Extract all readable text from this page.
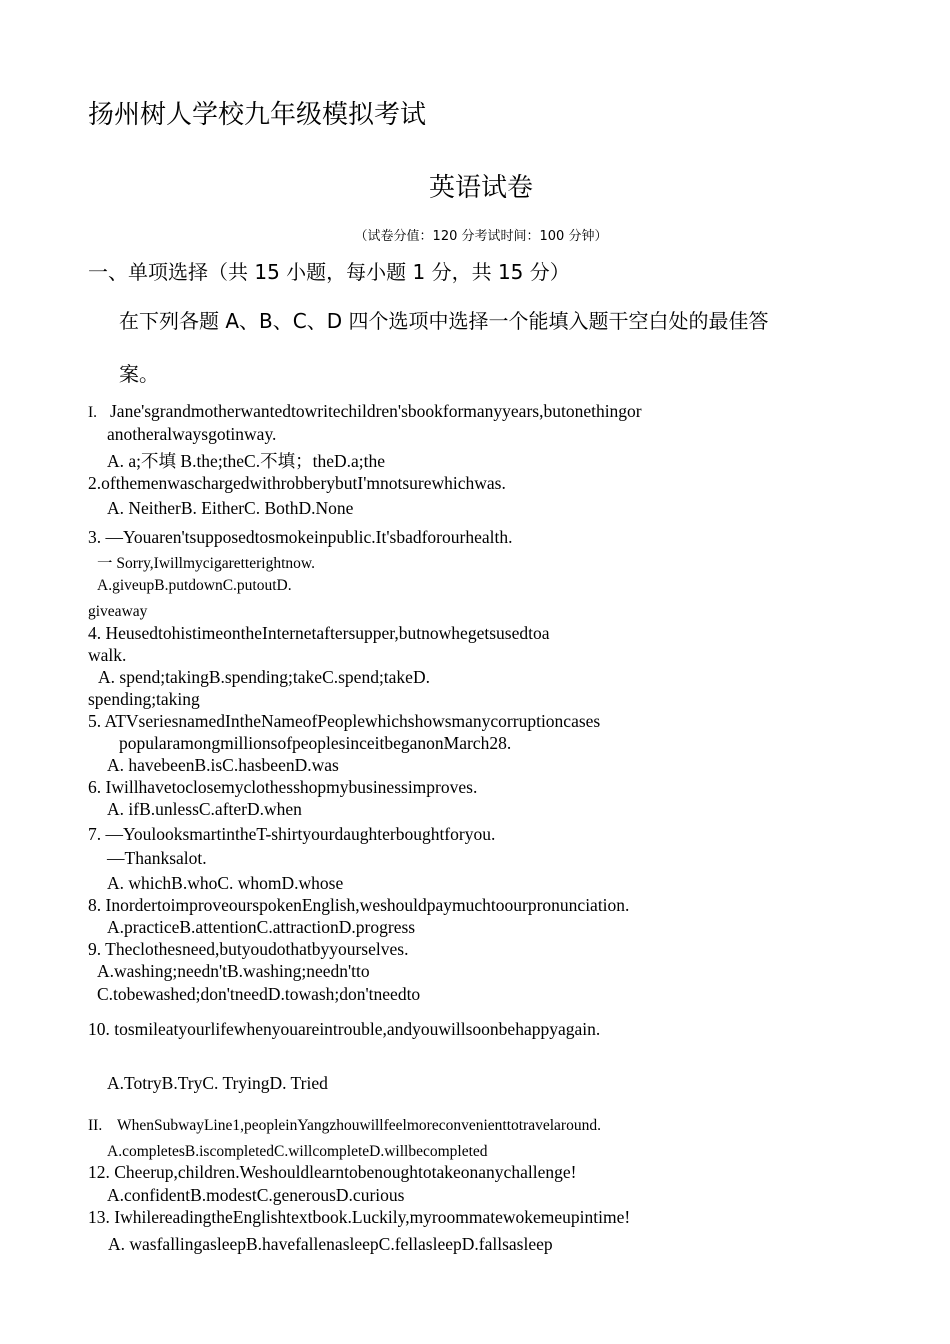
扬州树人学校九年级模拟考试
英语试卷
（试卷分值：120 分考试时间：100 分钟）
一、单项选择（共 15 小题，每小题 1 分，共 15 分）
在下列各题 A、B、C、D 四个选项中选择一个能填入题干空白处的最佳答
案。
I. Jane'sgrandmotherwantedtowritechildren'sbookformanyyears,butonethingor
anotheralwaysgotinway.
A. a;不填 B.the;theC.不填；theD.a;the
2.ofthemenwaschargedwithrobberybutI'mnotsurewhichwas.
A. NeitherB. EitherC. BothD.None
3. —Youaren'tsupposedtosmokeinpublic.It'sbadforourhealth.
一 Sorry,Iwillmycigaretterightnow.
A.giveupB.putdownC.putoutD.
giveaway
4. HeusedtohistimeontheInternetaftersupper,butnowhegetsusedtoa
walk.
A. spend;takingB.spending;takeC.spend;takeD.
spending;taking
5. ATVseriesnamedIntheNameofPeoplewhichshowsmanycorruptioncases
popularamongmillionsofpeoplesinceitbeganonMarch28.
A. havebeenB.isC.hasbeenD.was
6. Iwillhavetoclosemyclothesshopmybusinessimproves.
A. ifB.unlessC.afterD.when
7. —YoulooksmartintheT-shirtyourdaughterboughtforyou.
—Thanksalot.
A. whichB.whoC. whomD.whose
8. InordertoimproveourspokenEnglish,weshouldpaymuchtoourpronunciation.
A.practiceB.attentionC.attractionD.progress
9. Theclothesneed,butyoudothatbyyourselves.
A.washing;needn'tB.washing;needn'tto
C.tobewashed;don'tneedD.towash;don'tneedto
10. tosmileatyourlifewhenyouareintrouble,andyouwillsoonbehappyagain.
A.TotryB.TryC. TryingD. Tried
II. WhenSubwayLine1,peopleinYangzhouwillfeelmoreconvenienttotravelaround.
A.completesB.iscompletedC.willcompleteD.willbecompleted
12. Cheerup,children.Weshouldlearntobenoughtotakeonanychallenge!
A.confidentB.modestC.generousD.curious
13. IwhilereadingtheEnglishtextbook.Luckily,myroommatewokemeupintime!
A. wasfallingasleepB.havefallenasleepC.fellasleepD.fallsasleep
